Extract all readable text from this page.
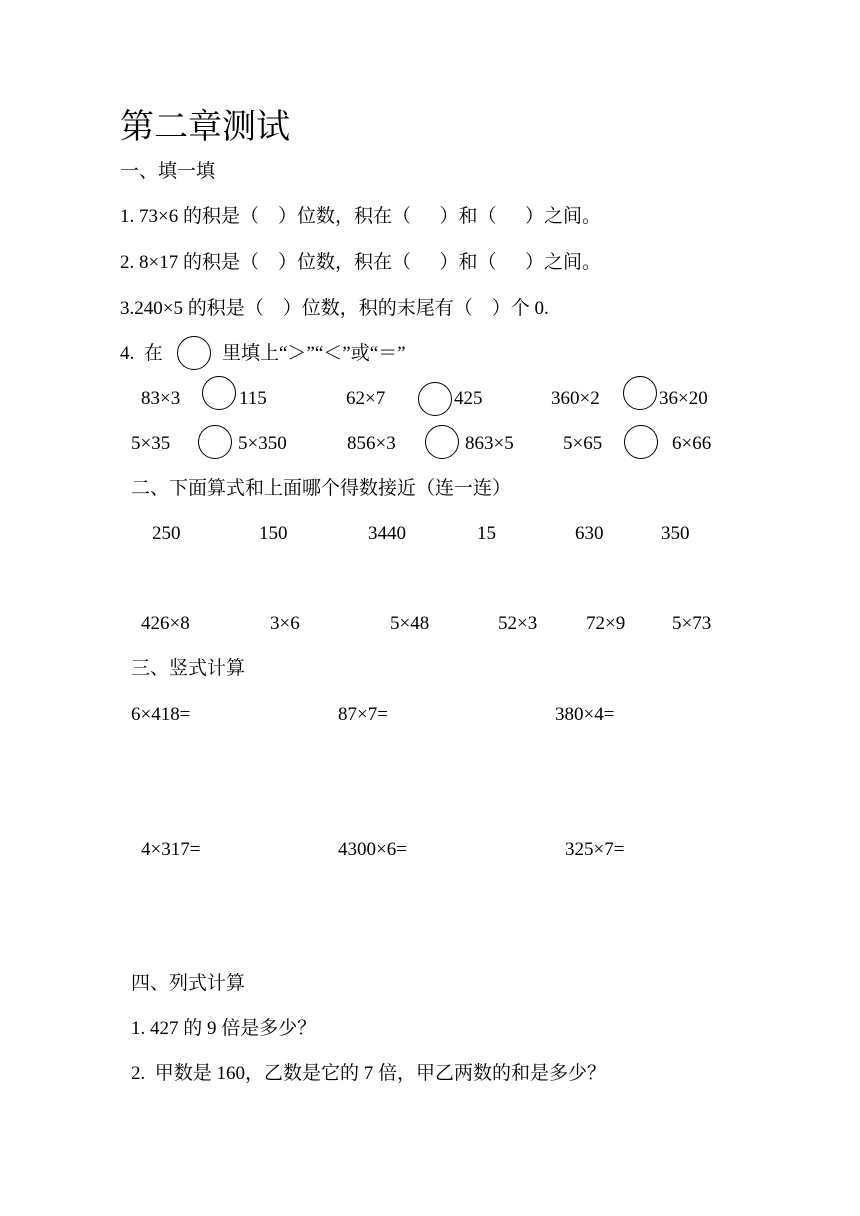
第二章测试
一、填一填
1. 73×6 的积是（    ）位数，积在（      ）和（      ）之间。
2. 8×17 的积是（    ）位数，积在（      ）和（      ）之间。
3.240×5 的积是（    ）位数，积的末尾有（    ）个 0.
4.  在	里填上“＞”“＜”或“＝”
83×3	115	62×7	425	360×2	36×20
5×35	5×350	856×3	863×5	5×65	6×66
二、下面算式和上面哪个得数接近（连一连）
250	150	3440	15	630	350
426×8	3×6	5×48	52×3	72×9 5×73
三、竖式计算
6×418=	87×7=	380×4=
4×317=	4300×6=	325×7=
四、列式计算
1. 427 的 9 倍是多少？
2.  甲数是 160，乙数是它的 7 倍，甲乙两数的和是多少？
